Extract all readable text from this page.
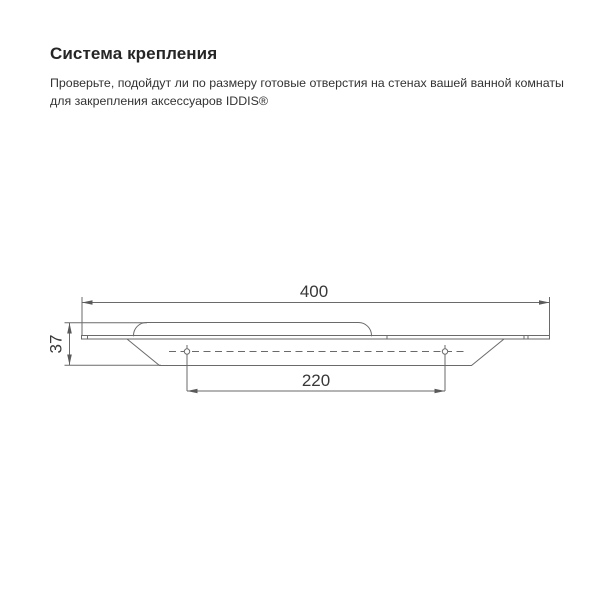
Система крепления
Проверьте, подойдут ли по размеру готовые отверстия на стенах вашей ванной комнаты
для закрепления аксессуаров IDDIS®
400
220
37
